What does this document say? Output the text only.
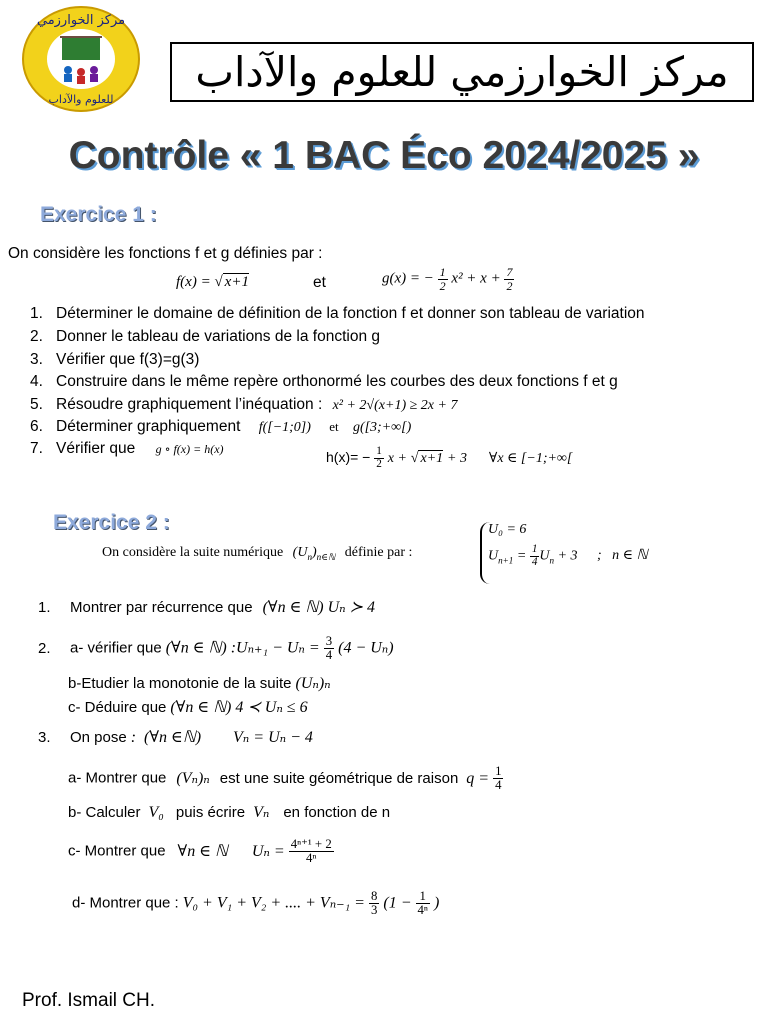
مركز الخوارزمي
للعلوم والآداب
مركز الخوارزمي للعلوم والآداب
Contrôle « 1 BAC Éco 2024/2025 »
Exercice 1 :
On considère les fonctions f et g définies par :
f(x) = √ x+1	et	g(x) = − $\frac{1}{2} x^2 + x + \frac{7}{2}$
1. Déterminer le domaine de définition de la fonction f et donner son tableau de variation
2. Donner le tableau de variations de la fonction g
3. Vérifier que f(3)=g(3)
4. Construire dans le même repère orthonormé les courbes des deux fonctions f et g
5. Résoudre graphiquement l’inéquation : x² + 2√(x+1) ≥ 2x + 7
6. Déterminer graphiquement f([−1;0]) et g([3;+∞[)
7. Vérifier que g ∘ f(x) = h(x)	$h(x)= - \frac{1}{2}$ x + √ x+1 + 3 ∀x ∈ [−1;+∞[
Exercice 2 :
On considère la suite numérique $(U_n)_{n\in ℕ}$ définie par :
U₀ = 6
$U_{n+1} = \frac{1}{4} U_n + 3$ ;   n ∈ ℕ
1. Montrer par récurrence que (∀n ∈ ℕ) Uₙ ≻ 4
2. a- vérifier que (∀n ∈ ℕ) :Uₙ₊₁ − $U_n = \frac{3}{4} (4 - U_n)$
b-Etudier la monotonie de la suite (Uₙ)ₙ
c- Déduire que (∀n ∈ ℕ) 4 ≺ Uₙ ≤ 6
3. On pose :  (∀n ∈ℕ)        Vₙ = Uₙ − 4
a- Montrer que (Vₙ)ₙ est une suite géométrique de raison $q = \frac{1}{4}$
b- Calculer V₀ puis écrire Vₙ en fonction de n
c- Montrer que ∀n ∈ ℕ      $U_n = \frac{\text{4ⁿ⁺¹ + 2}}{\text{4ⁿ}}$
d- Montrer que : V₀ + V₁ + V₂ + .... + $V_{n-1} = \frac{8}{3} (1 - \frac{1}{\text{4ⁿ}}$ )
Prof. Ismail CH.
